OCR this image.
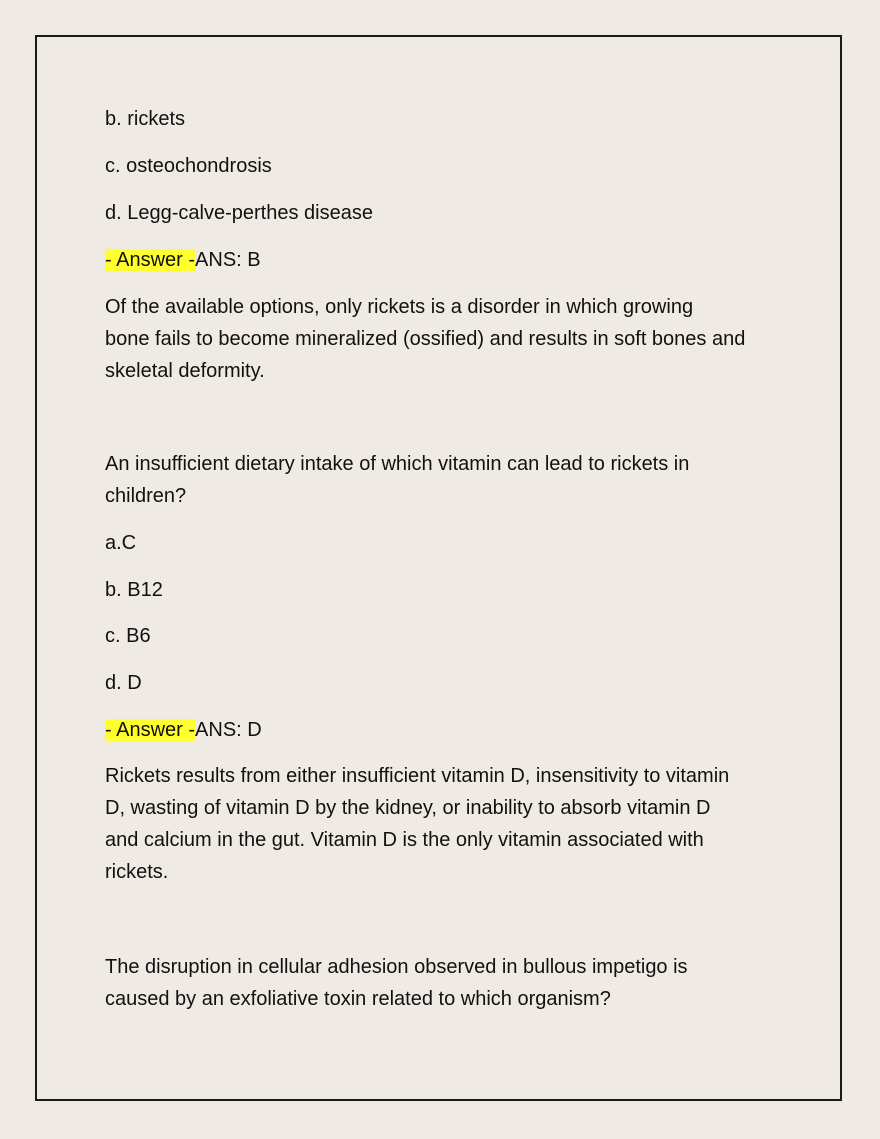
b. rickets
c. osteochondrosis
d. Legg-calve-perthes disease
- Answer -ANS: B
Of the available options, only rickets is a disorder in which growing
bone fails to become mineralized (ossified) and results in soft bones and
skeletal deformity.
An insufficient dietary intake of which vitamin can lead to rickets in
children?
a.C
b. B12
c. B6
d. D
- Answer -ANS: D
Rickets results from either insufficient vitamin D, insensitivity to vitamin
D, wasting of vitamin D by the kidney, or inability to absorb vitamin D
and calcium in the gut. Vitamin D is the only vitamin associated with
rickets.
The disruption in cellular adhesion observed in bullous impetigo is
caused by an exfoliative toxin related to which organism?
